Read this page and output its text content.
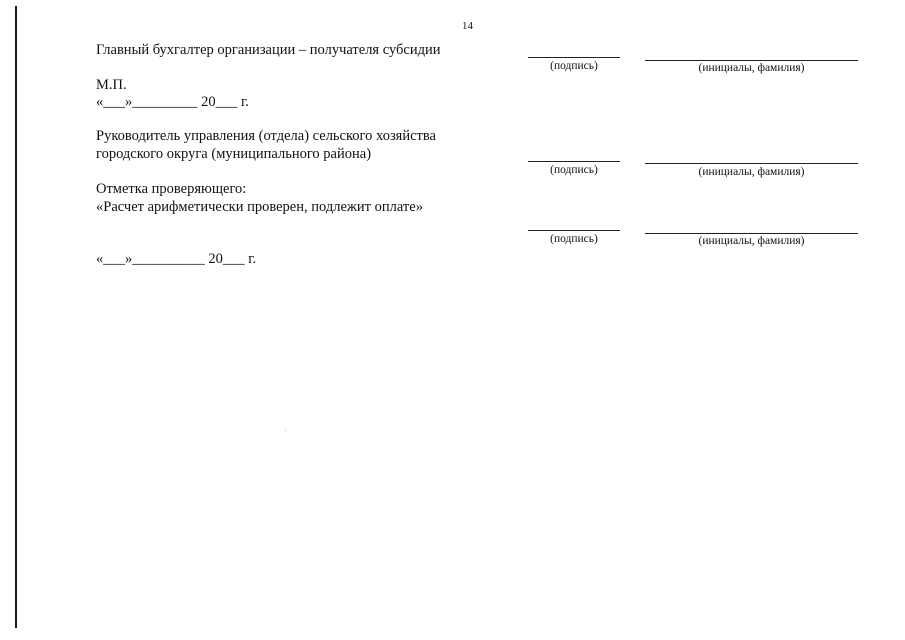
14
Главный бухгалтер организации – получателя субсидии
(подпись)	(инициалы, фамилия)
М.П.
«___»_________ 20___ г.
Руководитель управления (отдела) сельского хозяйства
городского округа (муниципального района)
(подпись)	(инициалы, фамилия)
Отметка проверяющего:
«Расчет арифметически проверен, подлежит оплате»
(подпись)	(инициалы, фамилия)
«___»__________ 20___ г.
